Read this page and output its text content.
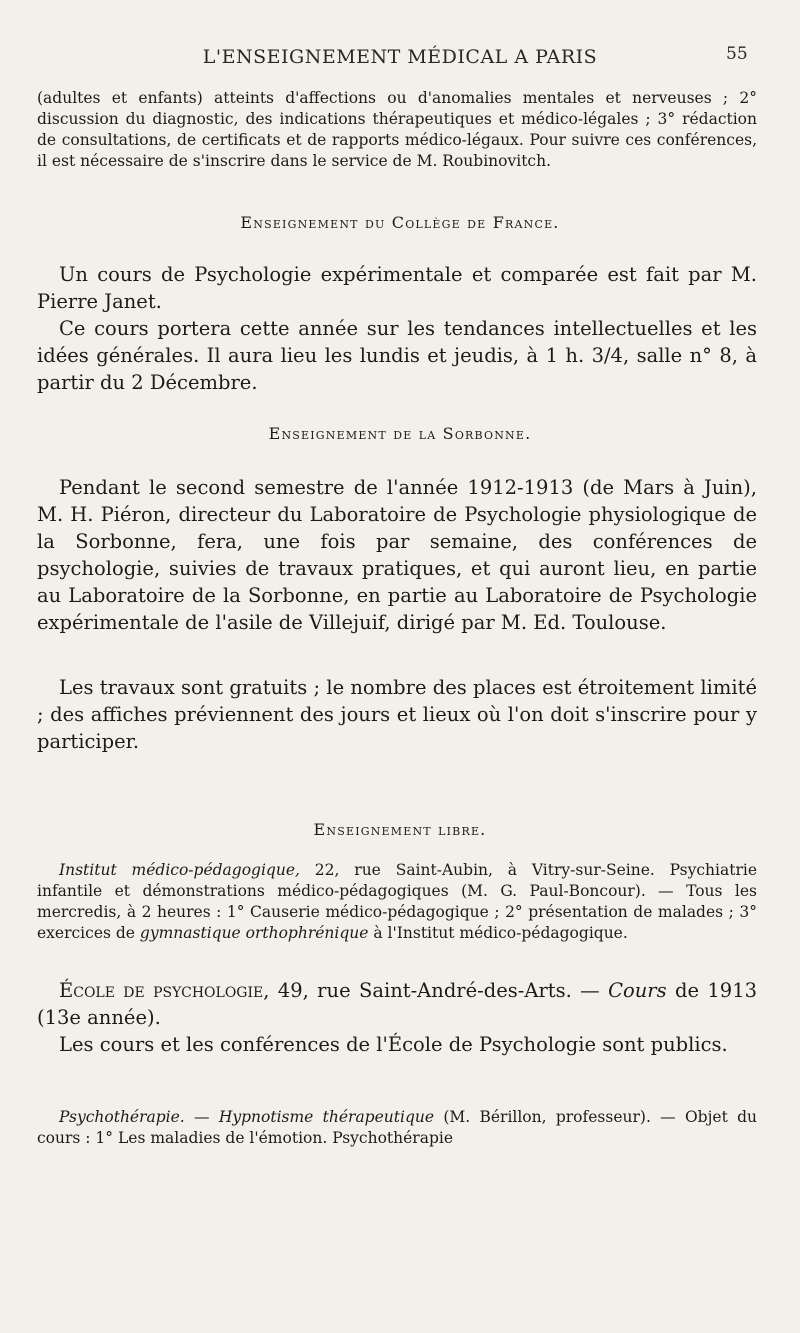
L'ENSEIGNEMENT MÉDICAL A PARIS	55

(adultes et enfants) atteints d'affections ou d'anomalies mentales et nerveuses ; 2° discussion du diagnostic, des indications thérapeutiques et médico-légales ; 3° rédaction de consultations, de certificats et de rapports médico-légaux. Pour suivre ces conférences, il est nécessaire de s'inscrire dans le service de M. Roubinovitch.

Enseignement du Collège de France.

Un cours de Psychologie expérimentale et comparée est fait par M. Pierre Janet.

Ce cours portera cette année sur les tendances intellectuelles et les idées générales. Il aura lieu les lundis et jeudis, à 1 h. 3/4, salle n° 8, à partir du 2 Décembre.

Enseignement de la Sorbonne.

Pendant le second semestre de l'année 1912-1913 (de Mars à Juin), M. H. Piéron, directeur du Laboratoire de Psychologie physiologique de la Sorbonne, fera, une fois par semaine, des conférences de psychologie, suivies de travaux pratiques, et qui auront lieu, en partie au Laboratoire de la Sorbonne, en partie au Laboratoire de Psychologie expérimentale de l'asile de Villejuif, dirigé par M. Ed. Toulouse.

Les travaux sont gratuits ; le nombre des places est étroitement limité ; des affiches préviennent des jours et lieux où l'on doit s'inscrire pour y participer.

Enseignement libre.

Institut médico-pédagogique, 22, rue Saint-Aubin, à Vitry-sur-Seine. Psychiatrie infantile et démonstrations médico-pédagogiques (M. G. Paul-Boncour). — Tous les mercredis, à 2 heures : 1° Causerie médico-pédagogique ; 2° présentation de malades ; 3° exercices de gymnastique orthophrénique à l'Institut médico-pédagogique.

École de psychologie, 49, rue Saint-André-des-Arts. — Cours de 1913 (13e année).

Les cours et les conférences de l'École de Psychologie sont publics.

Psychothérapie. — Hypnotisme thérapeutique (M. Bérillon, professeur). — Objet du cours : 1° Les maladies de l'émotion. Psychothérapie
